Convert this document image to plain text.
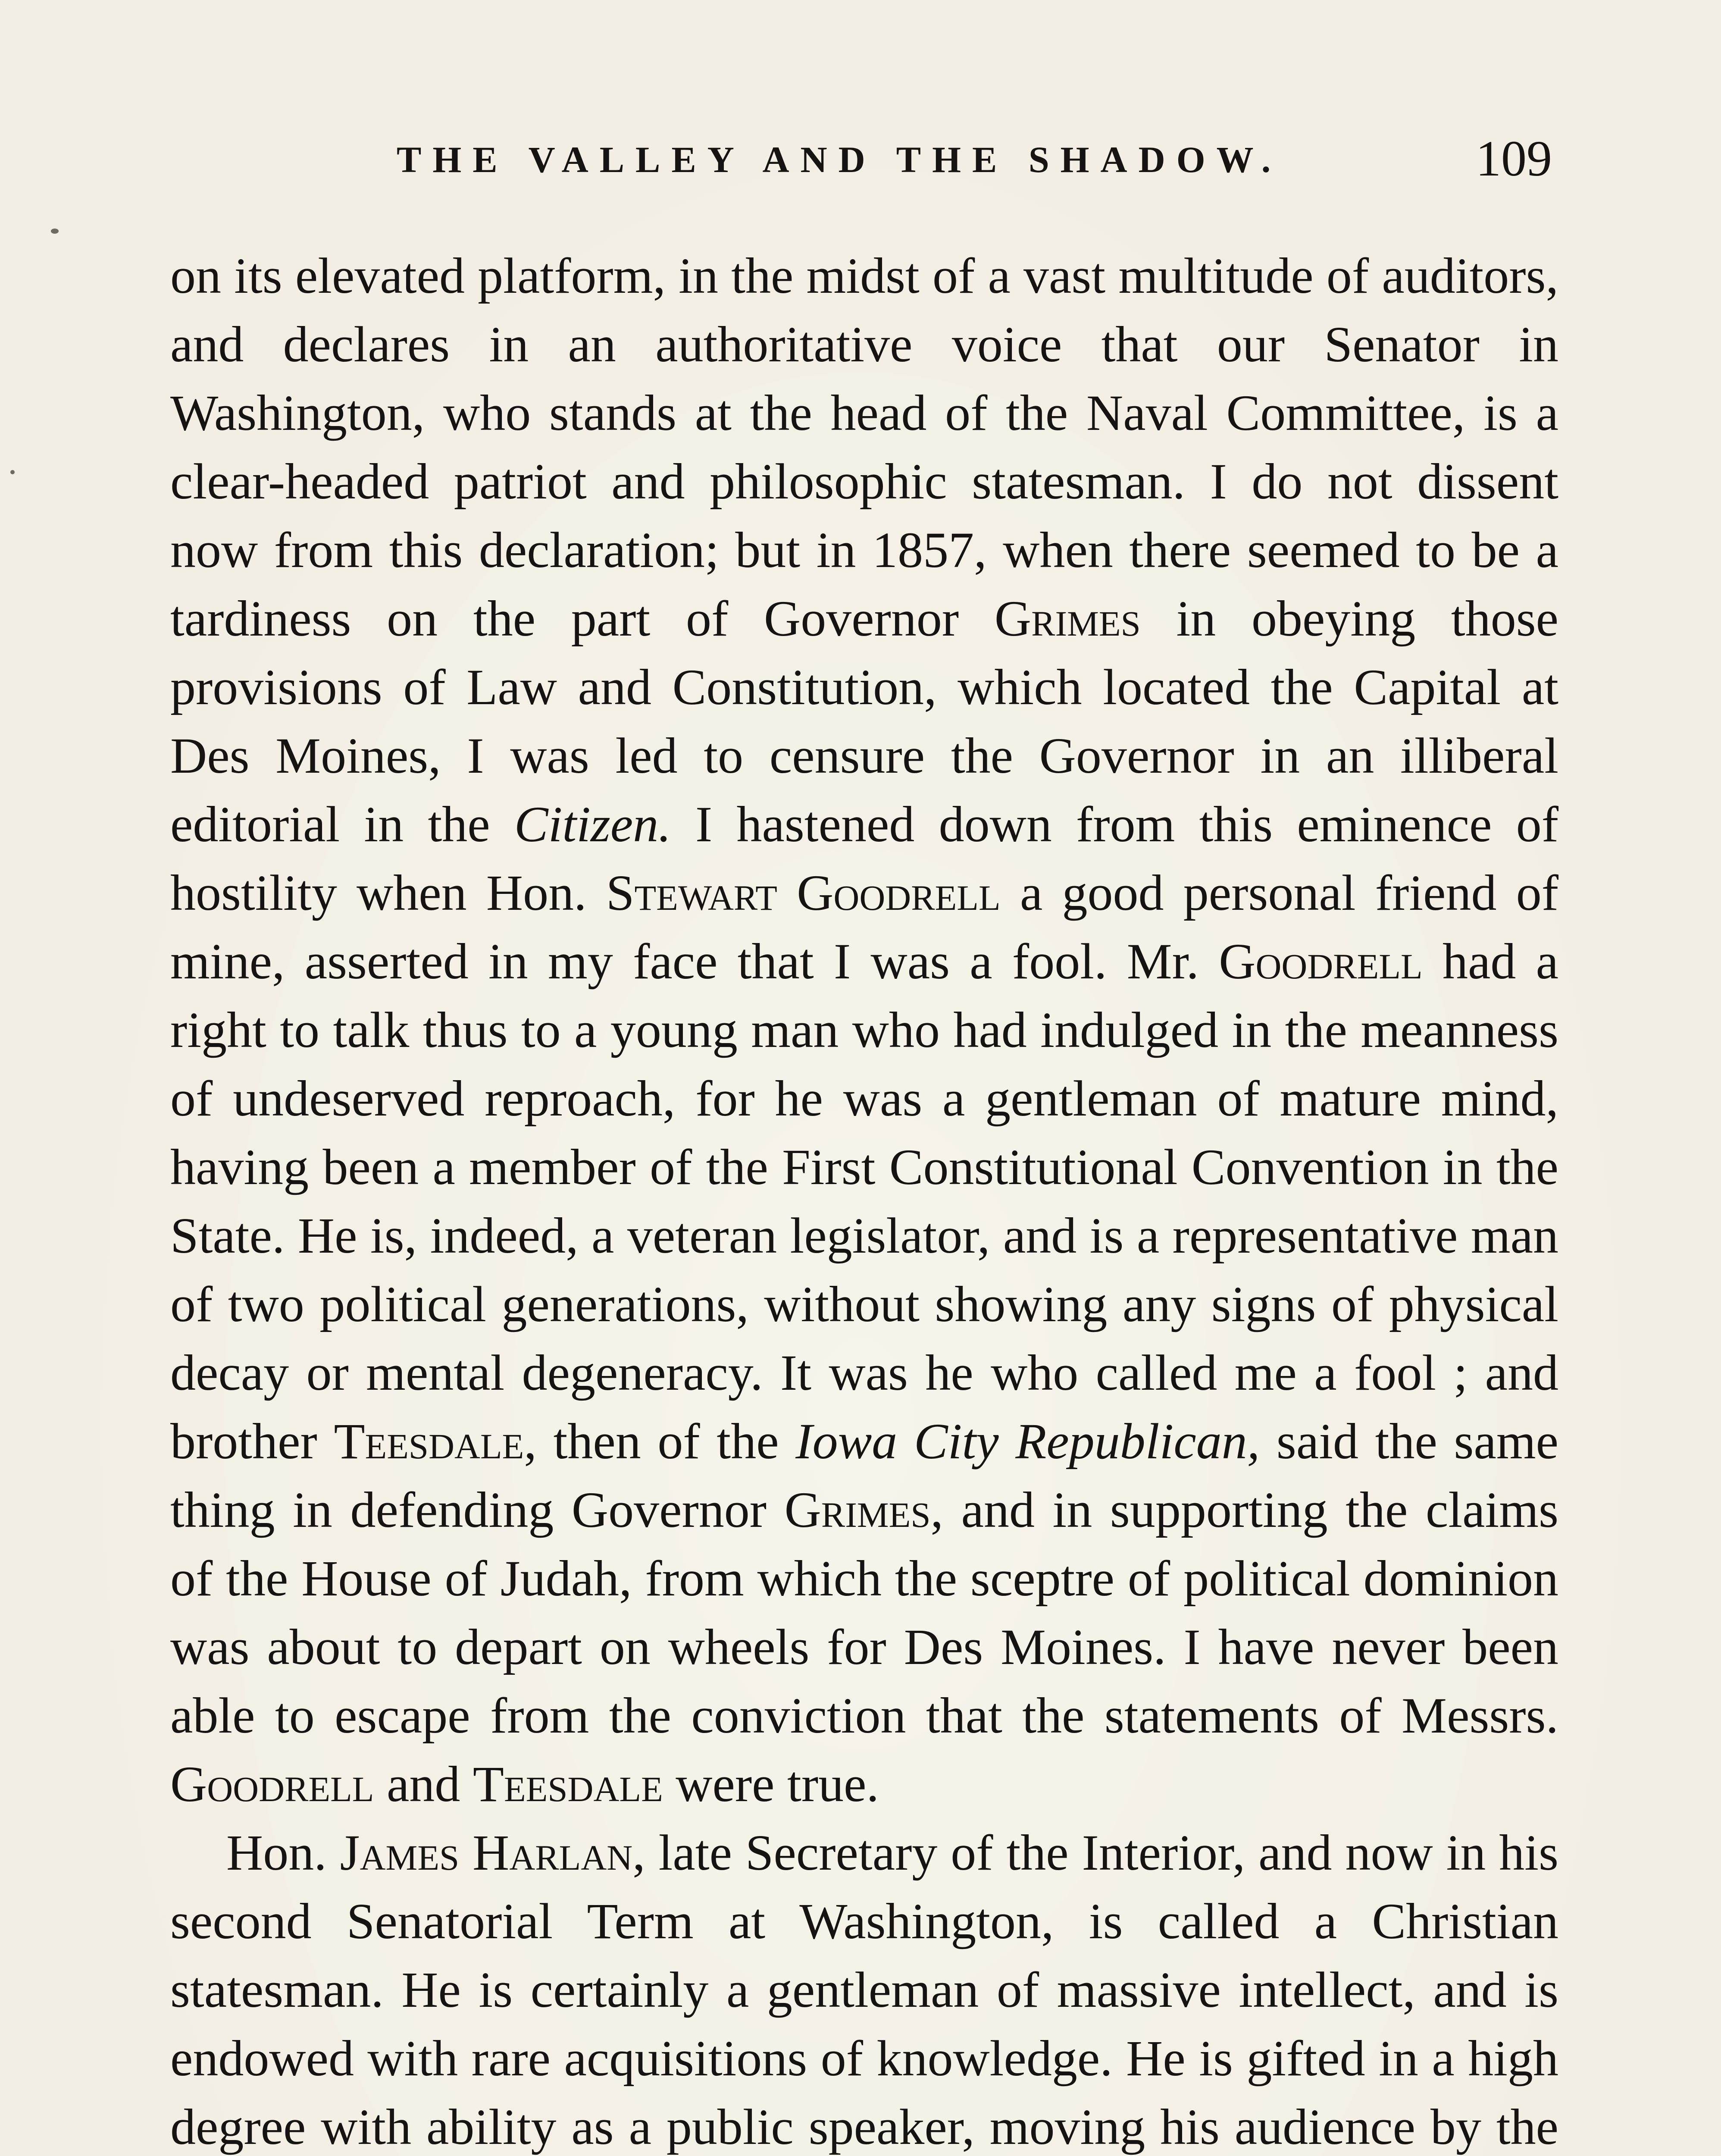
THE VALLEY AND THE SHADOW.	109

on its elevated platform, in the midst of a vast multitude of auditors, and declares in an authoritative voice that our Senator in Washington, who stands at the head of the Naval Committee, is a clear-headed patriot and philosophic statesman. I do not dissent now from this declaration; but in 1857, when there seemed to be a tardiness on the part of Governor Grimes in obeying those provisions of Law and Constitution, which located the Capital at Des Moines, I was led to censure the Governor in an illiberal editorial in the Citizen. I hastened down from this eminence of hostility when Hon. Stewart Goodrell a good personal friend of mine, asserted in my face that I was a fool. Mr. Goodrell had a right to talk thus to a young man who had indulged in the meanness of undeserved reproach, for he was a gentleman of mature mind, having been a member of the First Constitutional Convention in the State. He is, indeed, a veteran legislator, and is a representative man of two political generations, without showing any signs of physical decay or mental degeneracy. It was he who called me a fool ; and brother Teesdale, then of the Iowa City Republican, said the same thing in defending Governor Grimes, and in supporting the claims of the House of Judah, from which the sceptre of political dominion was about to depart on wheels for Des Moines. I have never been able to escape from the conviction that the statements of Messrs. Goodrell and Teesdale were true.

Hon. James Harlan, late Secretary of the Interior, and now in his second Senatorial Term at Washington, is called a Christian statesman. He is certainly a gentleman of massive intellect, and is endowed with rare acquisitions of knowledge. He is gifted in a high degree with ability as a public speaker, moving his audience by the
